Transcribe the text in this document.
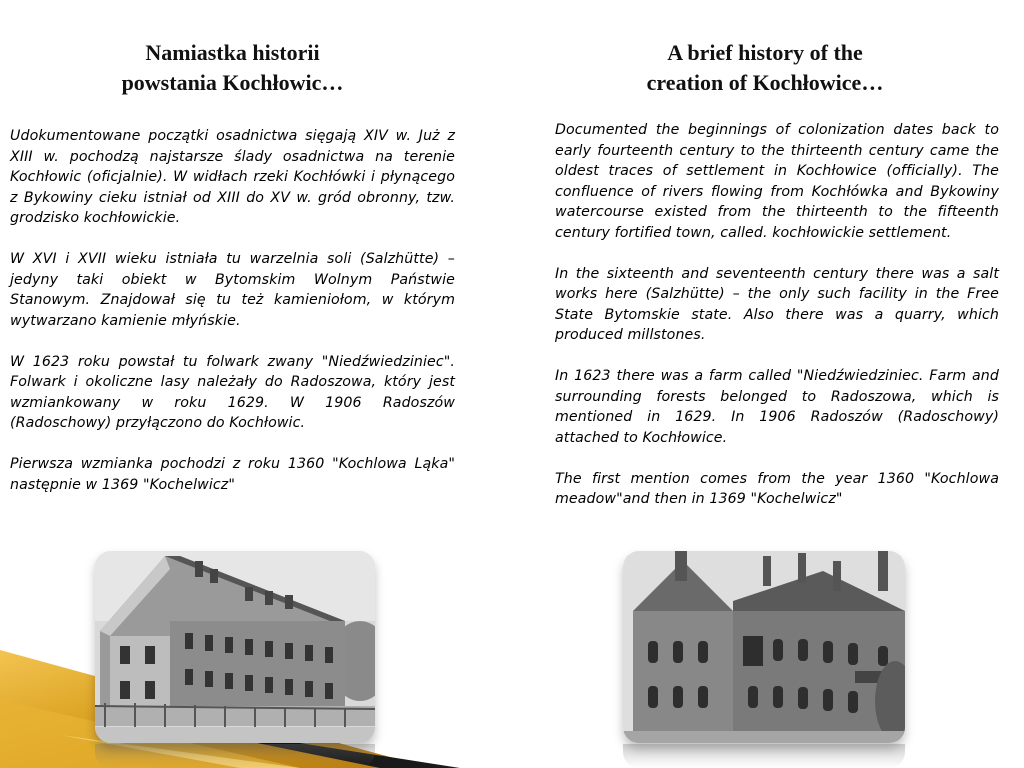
Namiastka historii
powstania Kochłowic…

Udokumentowane początki osadnictwa sięgają XIV w. Już z XIII w. pochodzą najstarsze ślady osadnictwa na terenie Kochłowic (oficjalnie). W widłach rzeki Kochłówki i płynącego z Bykowiny cieku istniał od XIII do XV w. gród obronny, tzw. grodzisko kochłowickie.

W XVI i XVII wieku istniała tu warzelnia soli (Salzhütte) – jedyny taki obiekt w Bytomskim Wolnym Państwie Stanowym. Znajdował się tu też kamieniołom, w którym wytwarzano kamienie młyńskie.

W 1623 roku powstał tu folwark zwany "Niedźwiedziniec". Folwark i okoliczne lasy należały do Radoszowa, który jest wzmiankowany w roku 1629. W 1906 Radoszów (Radoschowy) przyłączono do Kochłowic.

Pierwsza wzmianka pochodzi z roku 1360 "Kochlowa Ląka" następnie w 1369 "Kochelwicz"

A brief history of the
creation of Kochłowice…

Documented the beginnings of colonization dates back to early fourteenth century to the thirteenth century came the oldest traces of settlement in Kochłowice (officially). The confluence of rivers flowing from Kochłówka and Bykowiny watercourse existed from the thirteenth to the fifteenth century fortified town, called. kochłowickie settlement.

In the sixteenth and seventeenth century there was a salt works here (Salzhütte) – the only such facility in the Free State Bytomskie state. Also there was a quarry, which produced millstones.

In 1623 there was a farm called "Niedźwiedziniec. Farm and surrounding forests belonged to Radoszowa, which is mentioned in 1629. In 1906 Radoszów (Radoschowy) attached to Kochłowice.

The first mention comes from the year 1360 "Kochlowa meadow"and then in 1369 "Kochelwicz"
